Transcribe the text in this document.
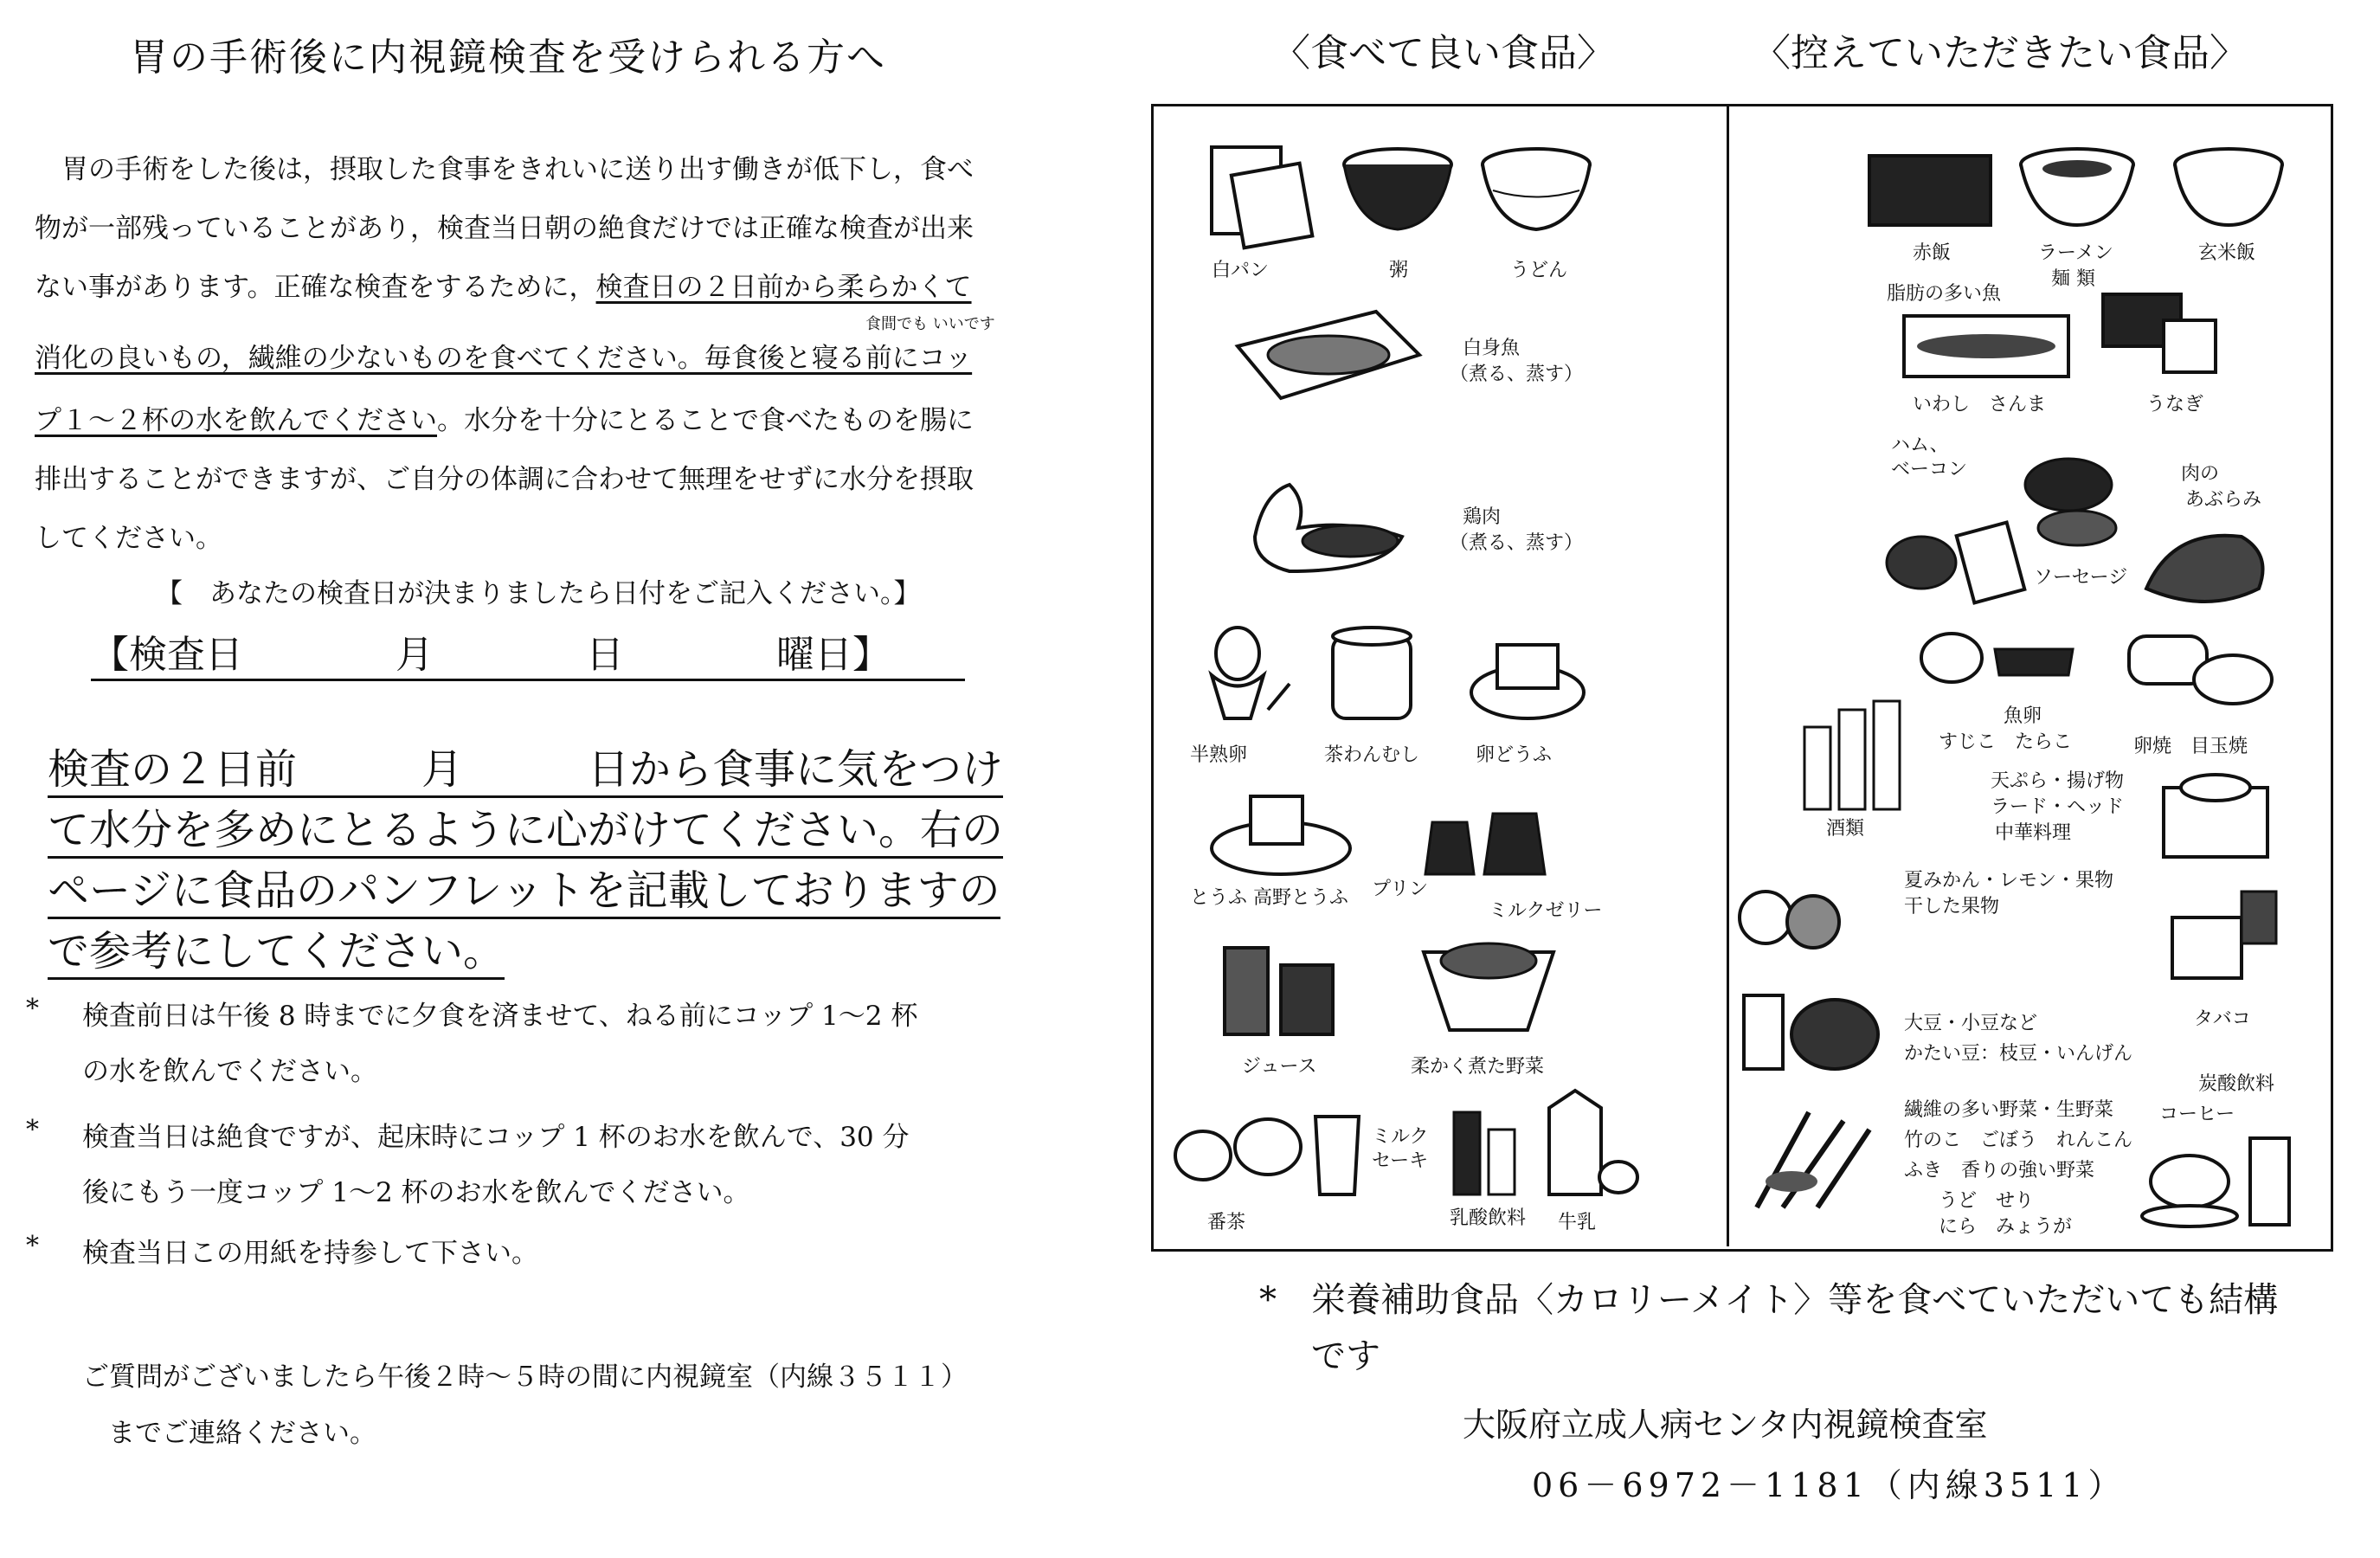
胃の手術後に内視鏡検査を受けられる方へ
　胃の手術をした後は，摂取した食事をきれいに送り出す働きが低下し，食べ
物が一部残っていることがあり，検査当日朝の絶食だけでは正確な検査が出来
ない事があります。正確な検査をするために，検査日の２日前から柔らかくて
食間でも いいです
消化の良いもの，繊維の少ないものを食べてください。毎食後と寝る前にコッ
プ１～２杯の水を飲んでください。水分を十分にとることで食べたものを腸に
排出することができますが、ご自分の体調に合わせて無理をせずに水分を摂取
してください。
【　あなたの検査日が決まりましたら日付をご記入ください。】
【検査日　　　　月　　　　日　　　　曜日】
検査の２日前　　　月　　　日から食事に気をつけ
て水分を多めにとるように心がけてください。右の
ページに食品のパンフレットを記載しておりますの
で参考にしてください。
* 検査前日は午後 8 時までに夕食を済ませて、ねる前にコップ 1～2 杯
の水を飲んでください。
* 検査当日は絶食ですが、起床時にコップ 1 杯のお水を飲んで、30 分
後にもう一度コップ 1～2 杯のお水を飲んでください。
* 検査当日この用紙を持参して下さい。
ご質問がございましたら午後２時～５時の間に内視鏡室（内線３５１１）
までご連絡ください。
〈食べて良い食品〉	〈控えていただきたい食品〉
白パン	粥	うどん
白身魚
（煮る、蒸す）
鶏肉
（煮る、蒸す）
半熟卵	茶わんむし	卵どうふ
とうふ 高野とうふ プリン
ミルクゼリー
ジュース	柔かく煮た野菜
番茶
ミルク
セーキ
乳酸飲料 牛乳
赤飯	ラーメン
麺 類
玄米飯
脂肪の多い魚
いわし　さんま	うなぎ
ハム、
ベーコン	肉の
あぶらみ
ソーセージ
魚卵
すじこ　たらこ	卵焼　目玉焼
酒類
天ぷら・揚げ物
ラード・ヘッド
中華料理
夏みかん・レモン・果物
干した果物
タバコ
大豆・小豆など
かたい豆：枝豆・いんげん
炭酸飲料
コーヒー
繊維の多い野菜・生野菜
竹のこ　ごぼう　れんこん
ふき　香りの強い野菜
うど　せり
にら　みょうが
*　 栄養補助食品〈カロリーメイト〉等を食べていただいても結構
です
大阪府立成人病センタ内視鏡検査室
06－6972－1181（内線3511）
